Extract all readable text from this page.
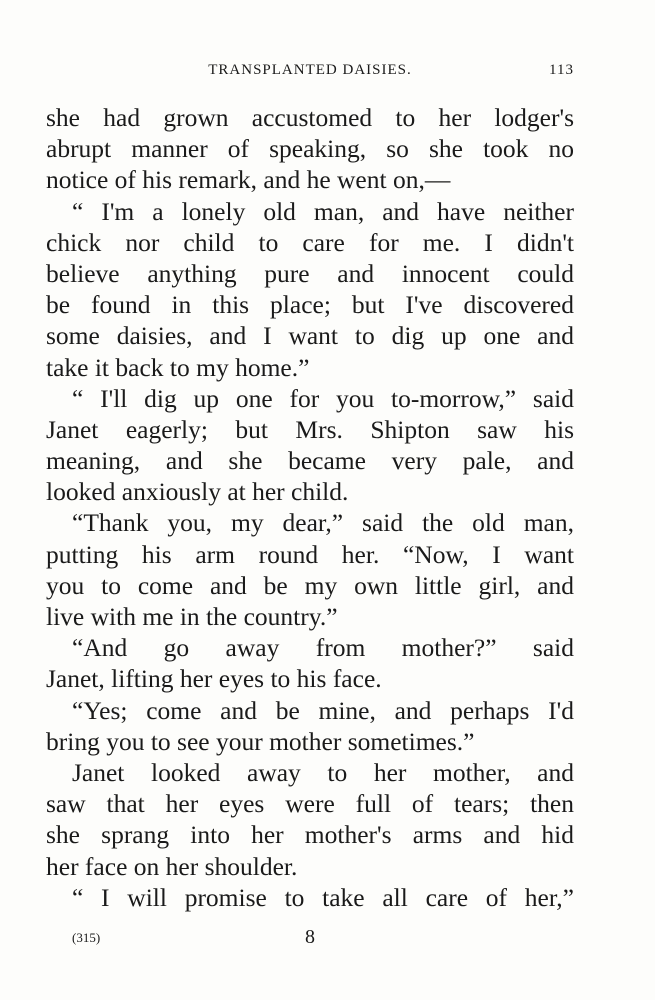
TRANSPLANTED DAISIES.	113
she had grown accustomed to her lodger's
abrupt manner of speaking, so she took no
notice of his remark, and he went on,—
“ I'm a lonely old man, and have neither
chick nor child to care for me. I didn't
believe anything pure and innocent could
be found in this place; but I've discovered
some daisies, and I want to dig up one and
take it back to my home.”
“ I'll dig up one for you to-morrow,” said
Janet eagerly; but Mrs. Shipton saw his
meaning, and she became very pale, and
looked anxiously at her child.
“Thank you, my dear,” said the old man,
putting his arm round her. “Now, I want
you to come and be my own little girl, and
live with me in the country.”
“And go away from mother?” said
Janet, lifting her eyes to his face.
“Yes; come and be mine, and perhaps I'd
bring you to see your mother sometimes.”
Janet looked away to her mother, and
saw that her eyes were full of tears; then
she sprang into her mother's arms and hid
her face on her shoulder.
“ I will promise to take all care of her,”
(315)	8
